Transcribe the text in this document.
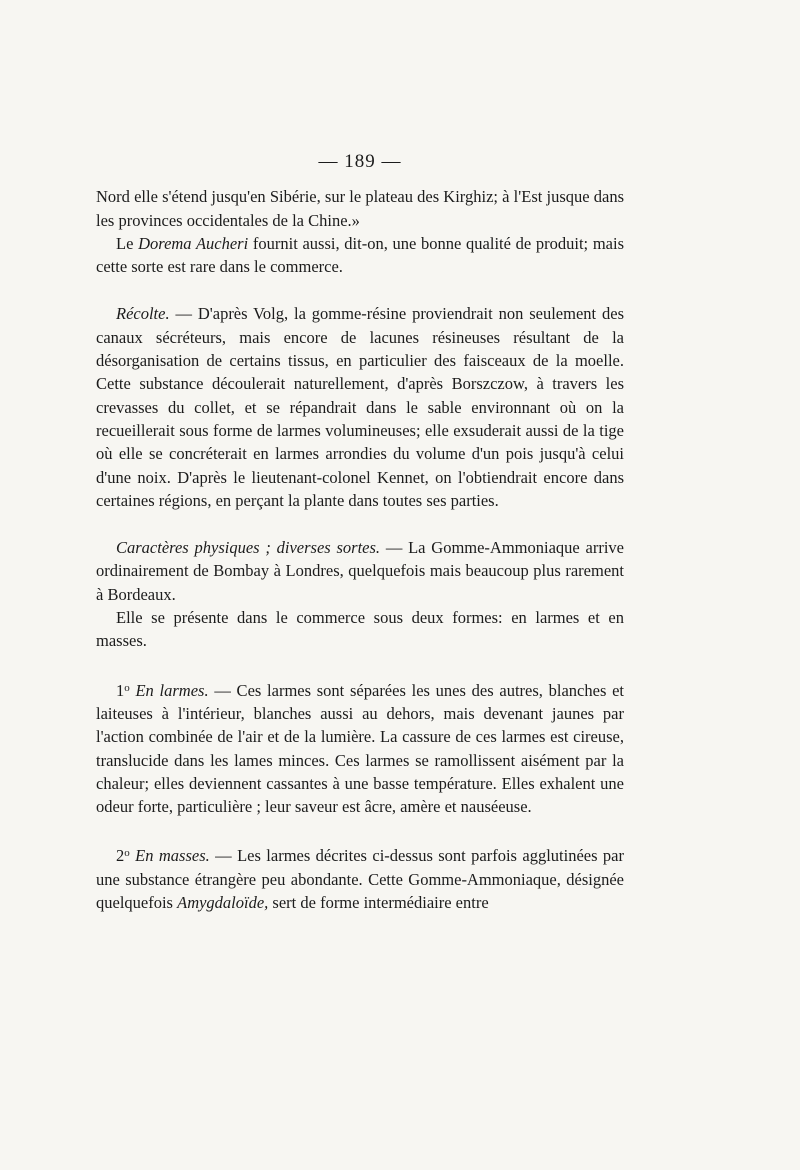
— 189 —

Nord elle s'étend jusqu'en Sibérie, sur le plateau des Kirghiz; à l'Est jusque dans les provinces occidentales de la Chine.»

Le Dorema Aucheri fournit aussi, dit-on, une bonne qualité de produit; mais cette sorte est rare dans le commerce.

Récolte. — D'après Volg, la gomme-résine proviendrait non seulement des canaux sécréteurs, mais encore de lacunes résineuses résultant de la désorganisation de certains tissus, en particulier des faisceaux de la moelle. Cette substance découlerait naturellement, d'après Borszczow, à travers les crevasses du collet, et se répandrait dans le sable environnant où on la recueillerait sous forme de larmes volumineuses; elle exsuderait aussi de la tige où elle se concréterait en larmes arrondies du volume d'un pois jusqu'à celui d'une noix. D'après le lieutenant-colonel Kennet, on l'obtiendrait encore dans certaines régions, en perçant la plante dans toutes ses parties.

Caractères physiques ; diverses sortes. — La Gomme-Ammoniaque arrive ordinairement de Bombay à Londres, quelquefois mais beaucoup plus rarement à Bordeaux.

Elle se présente dans le commerce sous deux formes: en larmes et en masses.

1$^o$ En larmes. — Ces larmes sont séparées les unes des autres, blanches et laiteuses à l'intérieur, blanches aussi au dehors, mais devenant jaunes par l'action combinée de l'air et de la lumière. La cassure de ces larmes est cireuse, translucide dans les lames minces. Ces larmes se ramollissent aisément par la chaleur; elles deviennent cassantes à une basse température. Elles exhalent une odeur forte, particulière ; leur saveur est âcre, amère et nauséeuse.

2$^o$ En masses. — Les larmes décrites ci-dessus sont parfois agglutinées par une substance étrangère peu abondante. Cette Gomme-Ammoniaque, désignée quelquefois Amygdaloïde, sert de forme intermédiaire entre
